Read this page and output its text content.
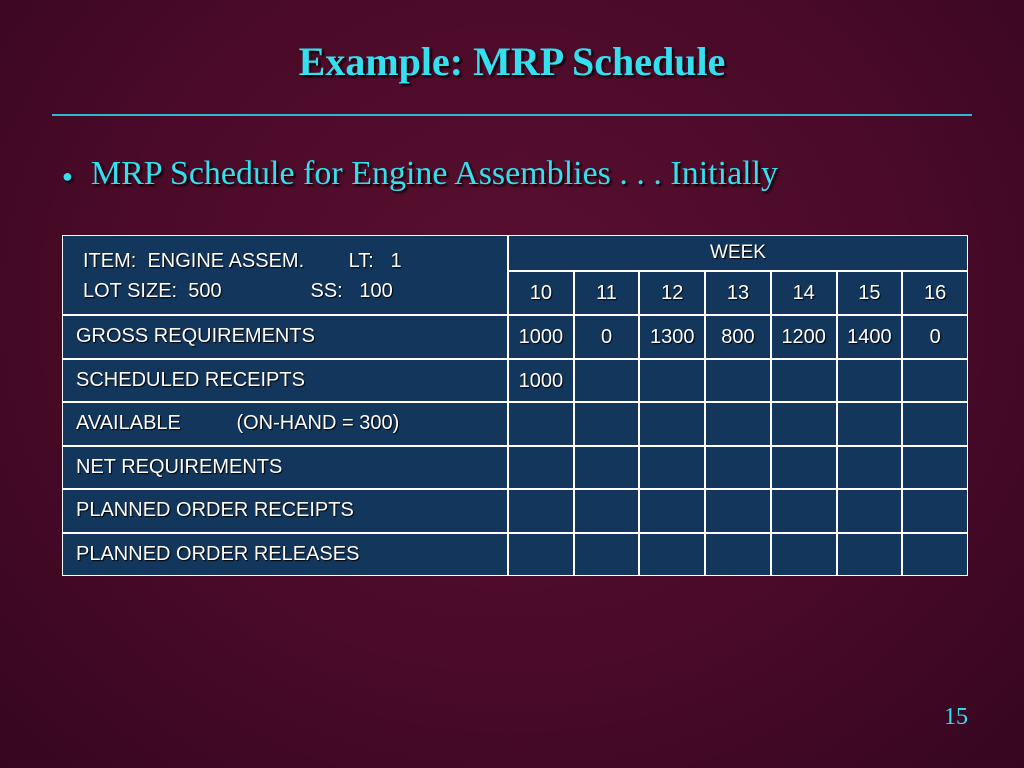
Example: MRP Schedule
● MRP Schedule for Engine Assemblies . . . Initially
ITEM:  ENGINE ASSEM.        LT:   1
LOT SIZE:  500                SS:   100
WEEK
10	11	12	13	14	15	16
GROSS REQUIREMENTS	1000	0	1300	800	1200	1400	0
SCHEDULED RECEIPTS	1000
AVAILABLE          (ON-HAND = 300)
NET REQUIREMENTS
PLANNED ORDER RECEIPTS
PLANNED ORDER RELEASES
15
